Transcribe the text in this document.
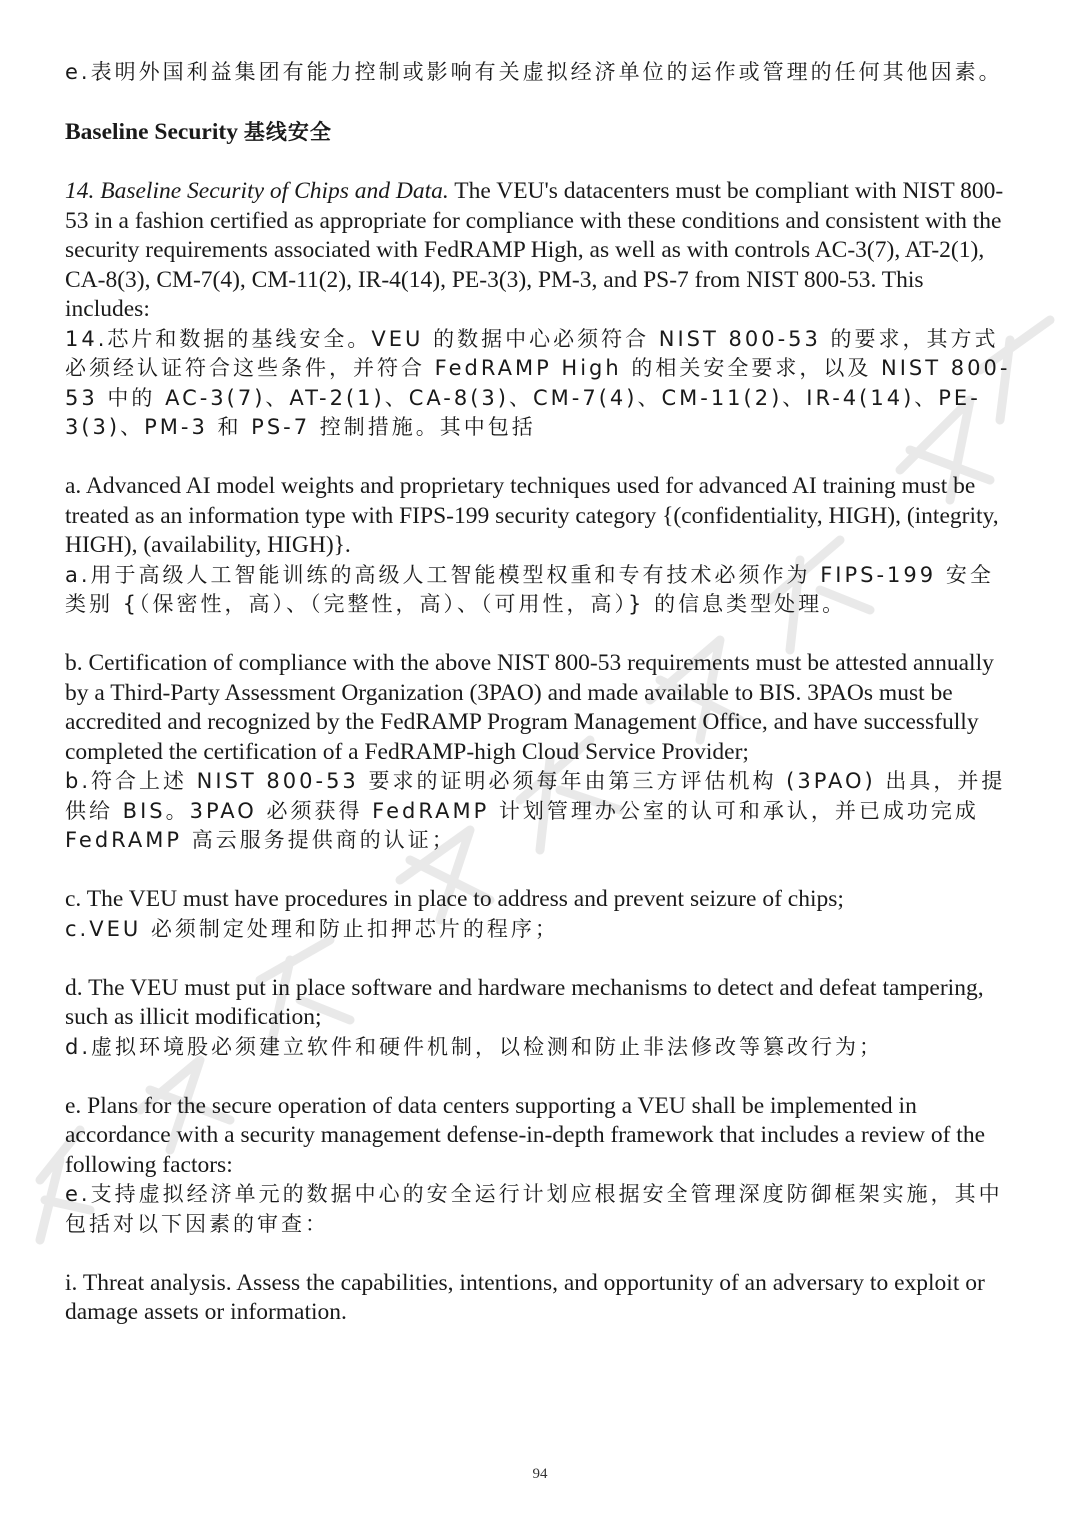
e.表明外国利益集团有能力控制或影响有关虚拟经济单位的运作或管理的任何其他因素。

Baseline Security 基线安全

14. Baseline Security of Chips and Data. The VEU's datacenters must be compliant with NIST 800-53 in a fashion certified as appropriate for compliance with these conditions and consistent with the security requirements associated with FedRAMP High, as well as with controls AC-3(7), AT-2(1), CA-8(3), CM-7(4), CM-11(2), IR-4(14), PE-3(3), PM-3, and PS-7 from NIST 800-53. This includes:

14.芯片和数据的基线安全。VEU 的数据中心必须符合 NIST 800-53 的要求，其方式必须经认证符合这些条件，并符合 FedRAMP High 的相关安全要求，以及 NIST 800-53 中的 AC-3(7)、AT-2(1)、CA-8(3)、CM-7(4)、CM-11(2)、IR-4(14)、PE-3(3)、PM-3 和 PS-7 控制措施。其中包括

a. Advanced AI model weights and proprietary techniques used for advanced AI training must be treated as an information type with FIPS-199 security category {(confidentiality, HIGH), (integrity, HIGH), (availability, HIGH)}.

a.用于高级人工智能训练的高级人工智能模型权重和专有技术必须作为 FIPS-199 安全类别 {（保密性，高）、（完整性，高）、（可用性，高）} 的信息类型处理。

b. Certification of compliance with the above NIST 800-53 requirements must be attested annually by a Third-Party Assessment Organization (3PAO) and made available to BIS. 3PAOs must be accredited and recognized by the FedRAMP Program Management Office, and have successfully completed the certification of a FedRAMP-high Cloud Service Provider;

b.符合上述 NIST 800-53 要求的证明必须每年由第三方评估机构 (3PAO) 出具，并提供给 BIS。3PAO 必须获得 FedRAMP 计划管理办公室的认可和承认，并已成功完成 FedRAMP 高云服务提供商的认证；

c. The VEU must have procedures in place to address and prevent seizure of chips;

c.VEU 必须制定处理和防止扣押芯片的程序；

d. The VEU must put in place software and hardware mechanisms to detect and defeat tampering, such as illicit modification;

d.虚拟环境股必须建立软件和硬件机制，以检测和防止非法修改等篡改行为；

e. Plans for the secure operation of data centers supporting a VEU shall be implemented in accordance with a security management defense-in-depth framework that includes a review of the following factors:

e.支持虚拟经济单元的数据中心的安全运行计划应根据安全管理深度防御框架实施，其中包括对以下因素的审查：

i. Threat analysis. Assess the capabilities, intentions, and opportunity of an adversary to exploit or damage assets or information.

94
